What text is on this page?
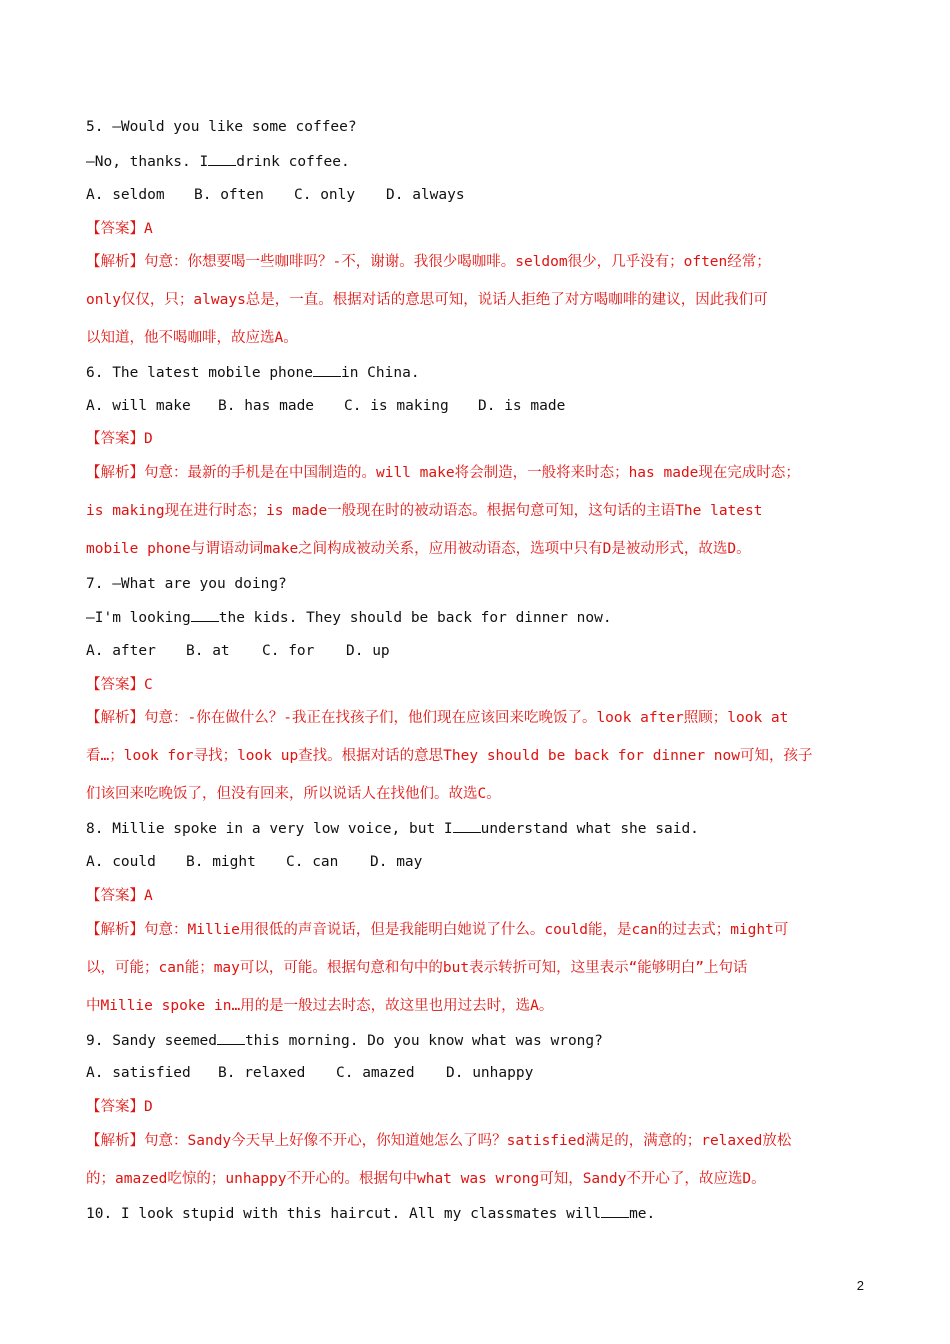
5. —Would you like some coffee?
—No, thanks. I drink coffee.
A. seldom B. often C. only D. always
【答案】A
【解析】句意：你想要喝一些咖啡吗？-不，谢谢。我很少喝咖啡。seldom很少，几乎没有；often经常；
only仅仅，只；always总是，一直。根据对话的意思可知，说话人拒绝了对方喝咖啡的建议，因此我们可
以知道，他不喝咖啡，故应选A。
6. The latest mobile phone in China.
A. will make B. has made C. is making D. is made
【答案】D
【解析】句意：最新的手机是在中国制造的。will make将会制造，一般将来时态；has made现在完成时态；
is making现在进行时态；is made一般现在时的被动语态。根据句意可知，这句话的主语The latest
mobile phone与谓语动词make之间构成被动关系，应用被动语态，选项中只有D是被动形式，故选D。
7. —What are you doing?
—I'm looking the kids. They should be back for dinner now.
A. after B. at C. for D. up
【答案】C
【解析】句意：-你在做什么？-我正在找孩子们，他们现在应该回来吃晚饭了。look after照顾；look at
看…；look for寻找；look up查找。根据对话的意思They should be back for dinner now可知，孩子
们该回来吃晚饭了，但没有回来，所以说话人在找他们。故选C。
8. Millie spoke in a very low voice, but I understand what she said.
A. could B. might C. can D. may
【答案】A
【解析】句意：Millie用很低的声音说话，但是我能明白她说了什么。could能，是can的过去式；might可
以，可能；can能；may可以，可能。根据句意和句中的but表示转折可知，这里表示“能够明白”上句话
中Millie spoke in…用的是一般过去时态，故这里也用过去时，选A。
9. Sandy seemed this morning. Do you know what was wrong?
A. satisfied B. relaxed C. amazed D. unhappy
【答案】D
【解析】句意：Sandy今天早上好像不开心，你知道她怎么了吗？satisfied满足的，满意的；relaxed放松
的；amazed吃惊的；unhappy不开心的。根据句中what was wrong可知，Sandy不开心了，故应选D。
10. I look stupid with this haircut. All my classmates will me.
2
